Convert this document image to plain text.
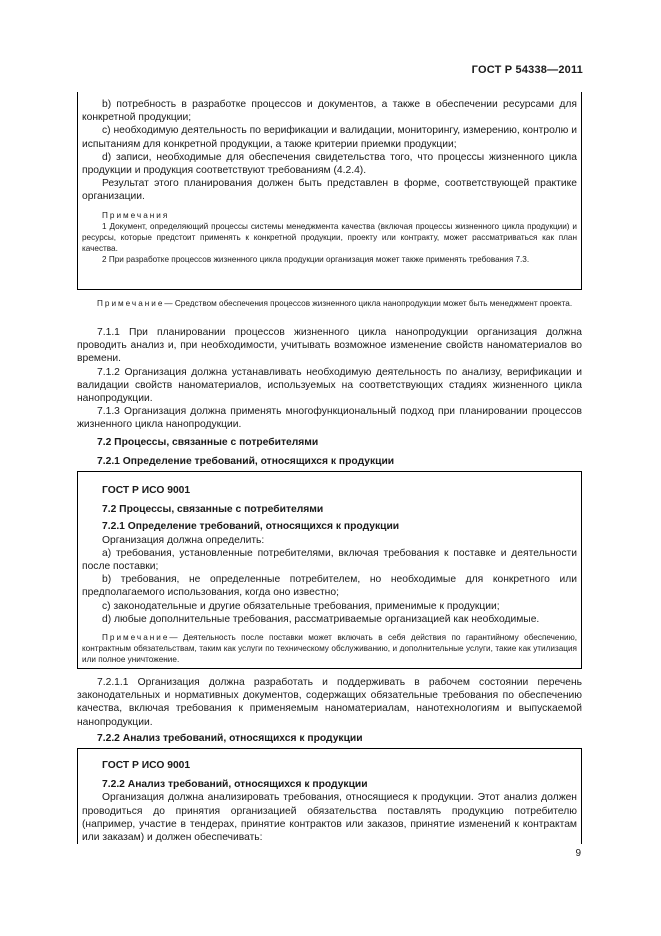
ГОСТ Р 54338—2011

b) потребность в разработке процессов и документов, а также в обеспечении ресурсами для конкретной продукции;

c) необходимую деятельность по верификации и валидации, мониторингу, измерению, контролю и испытаниям для конкретной продукции, а также критерии приемки продукции;

d) записи, необходимые для обеспечения свидетельства того, что процессы жизненного цикла продукции и продукция соответствуют требованиям (4.2.4).

Результат этого планирования должен быть представлен в форме, соответствующей практике организации.

Примечания

1 Документ, определяющий процессы системы менеджмента качества (включая процессы жизненного цикла продукции) и ресурсы, которые предстоит применять к конкретной продукции, проекту или контракту, может рассматриваться как план качества.

2 При разработке процессов жизненного цикла продукции организация может также применять требования 7.3.

Примечание— Средством обеспечения процессов жизненного цикла нанопродукции может быть менеджмент проекта.

7.1.1 При планировании процессов жизненного цикла нанопродукции организация должна проводить анализ и, при необходимости, учитывать возможное изменение свойств наноматериалов во времени.

7.1.2 Организация должна устанавливать необходимую деятельность по анализу, верификации и валидации свойств наноматериалов, используемых на соответствующих стадиях жизненного цикла нанопродукции.

7.1.3 Организация должна применять многофункциональный подход при планировании процессов жизненного цикла нанопродукции.

7.2 Процессы, связанные с потребителями

7.2.1 Определение требований, относящихся к продукции

ГОСТ Р ИСО 9001

7.2 Процессы, связанные с потребителями

7.2.1 Определение требований, относящихся к продукции

Организация должна определить:

a) требования, установленные потребителями, включая требования к поставке и деятельности после поставки;

b) требования, не определенные потребителем, но необходимые для конкретного или предполагаемого использования, когда оно известно;

c) законодательные и другие обязательные требования, применимые к продукции;

d) любые дополнительные требования, рассматриваемые организацией как необходимые.

Примечание— Деятельность после поставки может включать в себя действия по гарантийному обеспечению, контрактным обязательствам, таким как услуги по техническому обслуживанию, и дополнительные услуги, такие как утилизация или полное уничтожение.

7.2.1.1 Организация должна разработать и поддерживать в рабочем состоянии перечень законодательных и нормативных документов, содержащих обязательные требования по обеспечению качества, включая требования к применяемым наноматериалам, нанотехнологиям и выпускаемой нанопродукции.

7.2.2 Анализ требований, относящихся к продукции

ГОСТ Р ИСО 9001

7.2.2 Анализ требований, относящихся к продукции

Организация должна анализировать требования, относящиеся к продукции. Этот анализ должен проводиться до принятия организацией обязательства поставлять продукцию потребителю (например, участие в тендерах, принятие контрактов или заказов, принятие изменений к контрактам или заказам) и должен обеспечивать:

9
